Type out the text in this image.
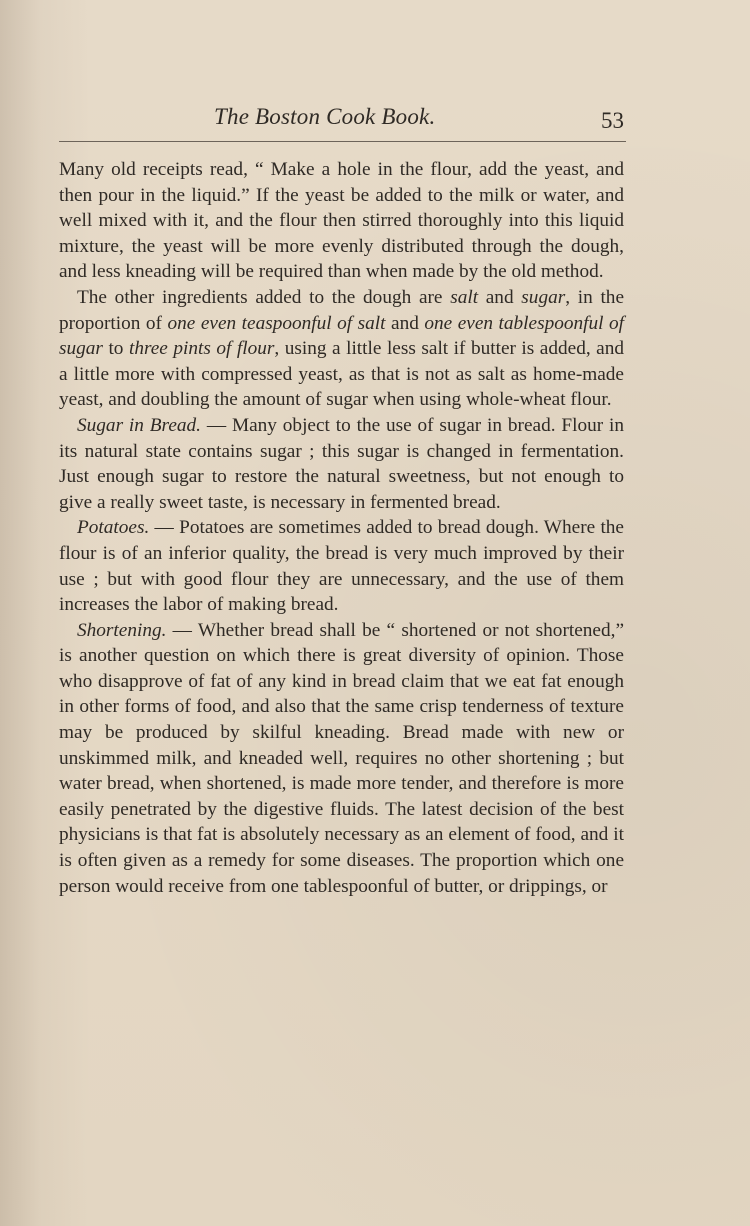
The Boston Cook Book.	53

Many old receipts read, “ Make a hole in the flour, add the yeast, and then pour in the liquid.” If the yeast be added to the milk or water, and well mixed with it, and the flour then stirred thoroughly into this liquid mixture, the yeast will be more evenly distributed through the dough, and less kneading will be required than when made by the old method.

The other ingredients added to the dough are salt and sugar, in the proportion of one even teaspoonful of salt and one even tablespoonful of sugar to three pints of flour, using a little less salt if butter is added, and a little more with compressed yeast, as that is not as salt as home-made yeast, and doubling the amount of sugar when using whole-wheat flour.

Sugar in Bread. — Many object to the use of sugar in bread. Flour in its natural state contains sugar ; this sugar is changed in fermentation. Just enough sugar to restore the natural sweetness, but not enough to give a really sweet taste, is necessary in fermented bread.

Potatoes. — Potatoes are sometimes added to bread dough. Where the flour is of an inferior quality, the bread is very much improved by their use ; but with good flour they are unnecessary, and the use of them increases the labor of making bread.

Shortening. — Whether bread shall be “ shortened or not shortened,” is another question on which there is great diversity of opinion. Those who disapprove of fat of any kind in bread claim that we eat fat enough in other forms of food, and also that the same crisp tenderness of texture may be produced by skilful kneading. Bread made with new or unskimmed milk, and kneaded well, requires no other shortening ; but water bread, when shortened, is made more tender, and therefore is more easily penetrated by the digestive fluids. The latest decision of the best physicians is that fat is absolutely necessary as an element of food, and it is often given as a remedy for some diseases. The proportion which one person would receive from one tablespoonful of butter, or drippings, or
